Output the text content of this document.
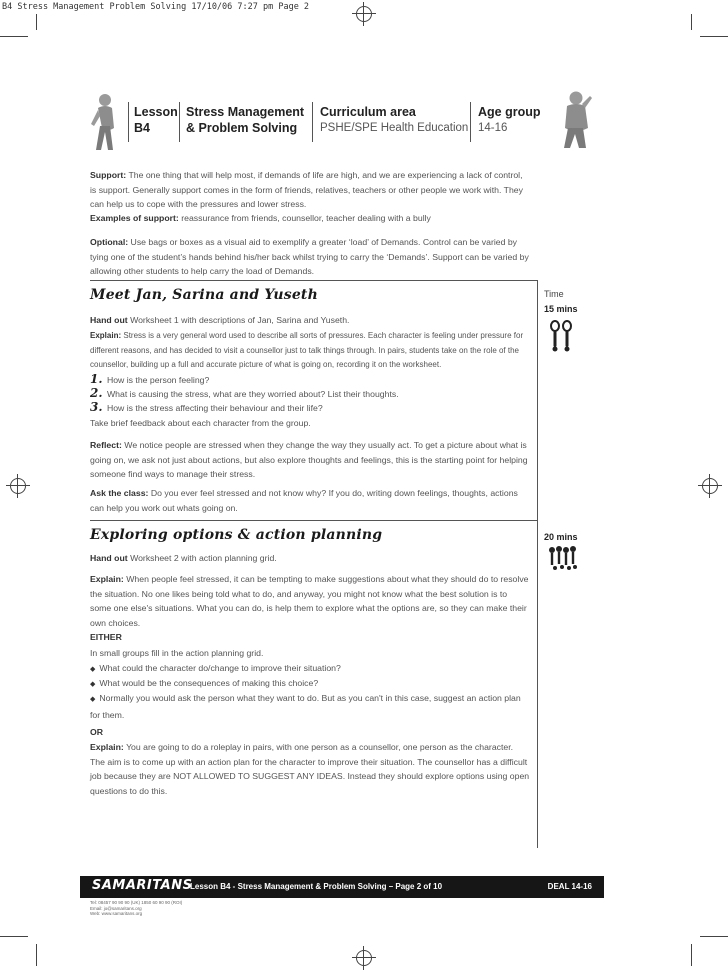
B4 Stress Management Problem Solving 17/10/06 7:27 pm Page 2
Lesson
B4
Stress Management
& Problem Solving
Curriculum area
PSHE/SPE Health Education
Age group
14-16
Support: The one thing that will help most, if demands of life are high, and we are experiencing a lack of control, is support. Generally support comes in the form of friends, relatives, teachers or other people we work with. They can help us to cope with the pressures and lower stress.
Examples of support: reassurance from friends, counsellor, teacher dealing with a bully
Optional: Use bags or boxes as a visual aid to exemplify a greater ‘load’ of Demands. Control can be varied by tying one of the student’s hands behind his/her back whilst trying to carry the ‘Demands’. Support can be varied by allowing other students to help carry the load of Demands.
Meet Jan, Sarina and Yuseth	Time
15 mins
Hand out Worksheet 1 with descriptions of Jan, Sarina and Yuseth.
Explain: Stress is a very general word used to describe all sorts of pressures. Each character is feeling under pressure for different reasons, and has decided to visit a counsellor just to talk things through. In pairs, students take on the role of the counsellor, building up a full and accurate picture of what is going on, recording it on the worksheet.
1. How is the person feeling?
2. What is causing the stress, what are they worried about? List their thoughts.
3. How is the stress affecting their behaviour and their life?
Take brief feedback about each character from the group.
Reflect: We notice people are stressed when they change the way they usually act. To get a picture about what is going on, we ask not just about actions, but also explore thoughts and feelings, this is the starting point for helping someone find ways to manage their stress.
Ask the class: Do you ever feel stressed and not know why? If you do, writing down feelings, thoughts, actions can help you work out whats going on.
Exploring options & action planning	20 mins
Hand out Worksheet 2 with action planning grid.
Explain: When people feel stressed, it can be tempting to make suggestions about what they should do to resolve the situation. No one likes being told what to do, and anyway, you might not know what the best solution is to some one else's situations. What you can do, is help them to explore what the options are, so they can make their own choices.
EITHER
In small groups fill in the action planning grid.
◆ What could the character do/change to improve their situation?
◆ What would be the consequences of making this choice?
◆ Normally you would ask the person what they want to do. But as you can't in this case, suggest an action plan for them.
OR
Explain: You are going to do a roleplay in pairs, with one person as a counsellor, one person as the character. The aim is to come up with an action plan for the character to improve their situation. The counsellor has a difficult job because they are NOT ALLOWED TO SUGGEST ANY IDEAS. Instead they should explore options using open questions to do this.
SAMARITANS
Lesson B4 - Stress Management & Problem Solving – Page 2 of 10	DEAL 14-16
Tel: 08457 90 90 90 (UK) 1850 60 90 90 (ROI)
Email: jo@samaritans.org
Web: www.samaritans.org
